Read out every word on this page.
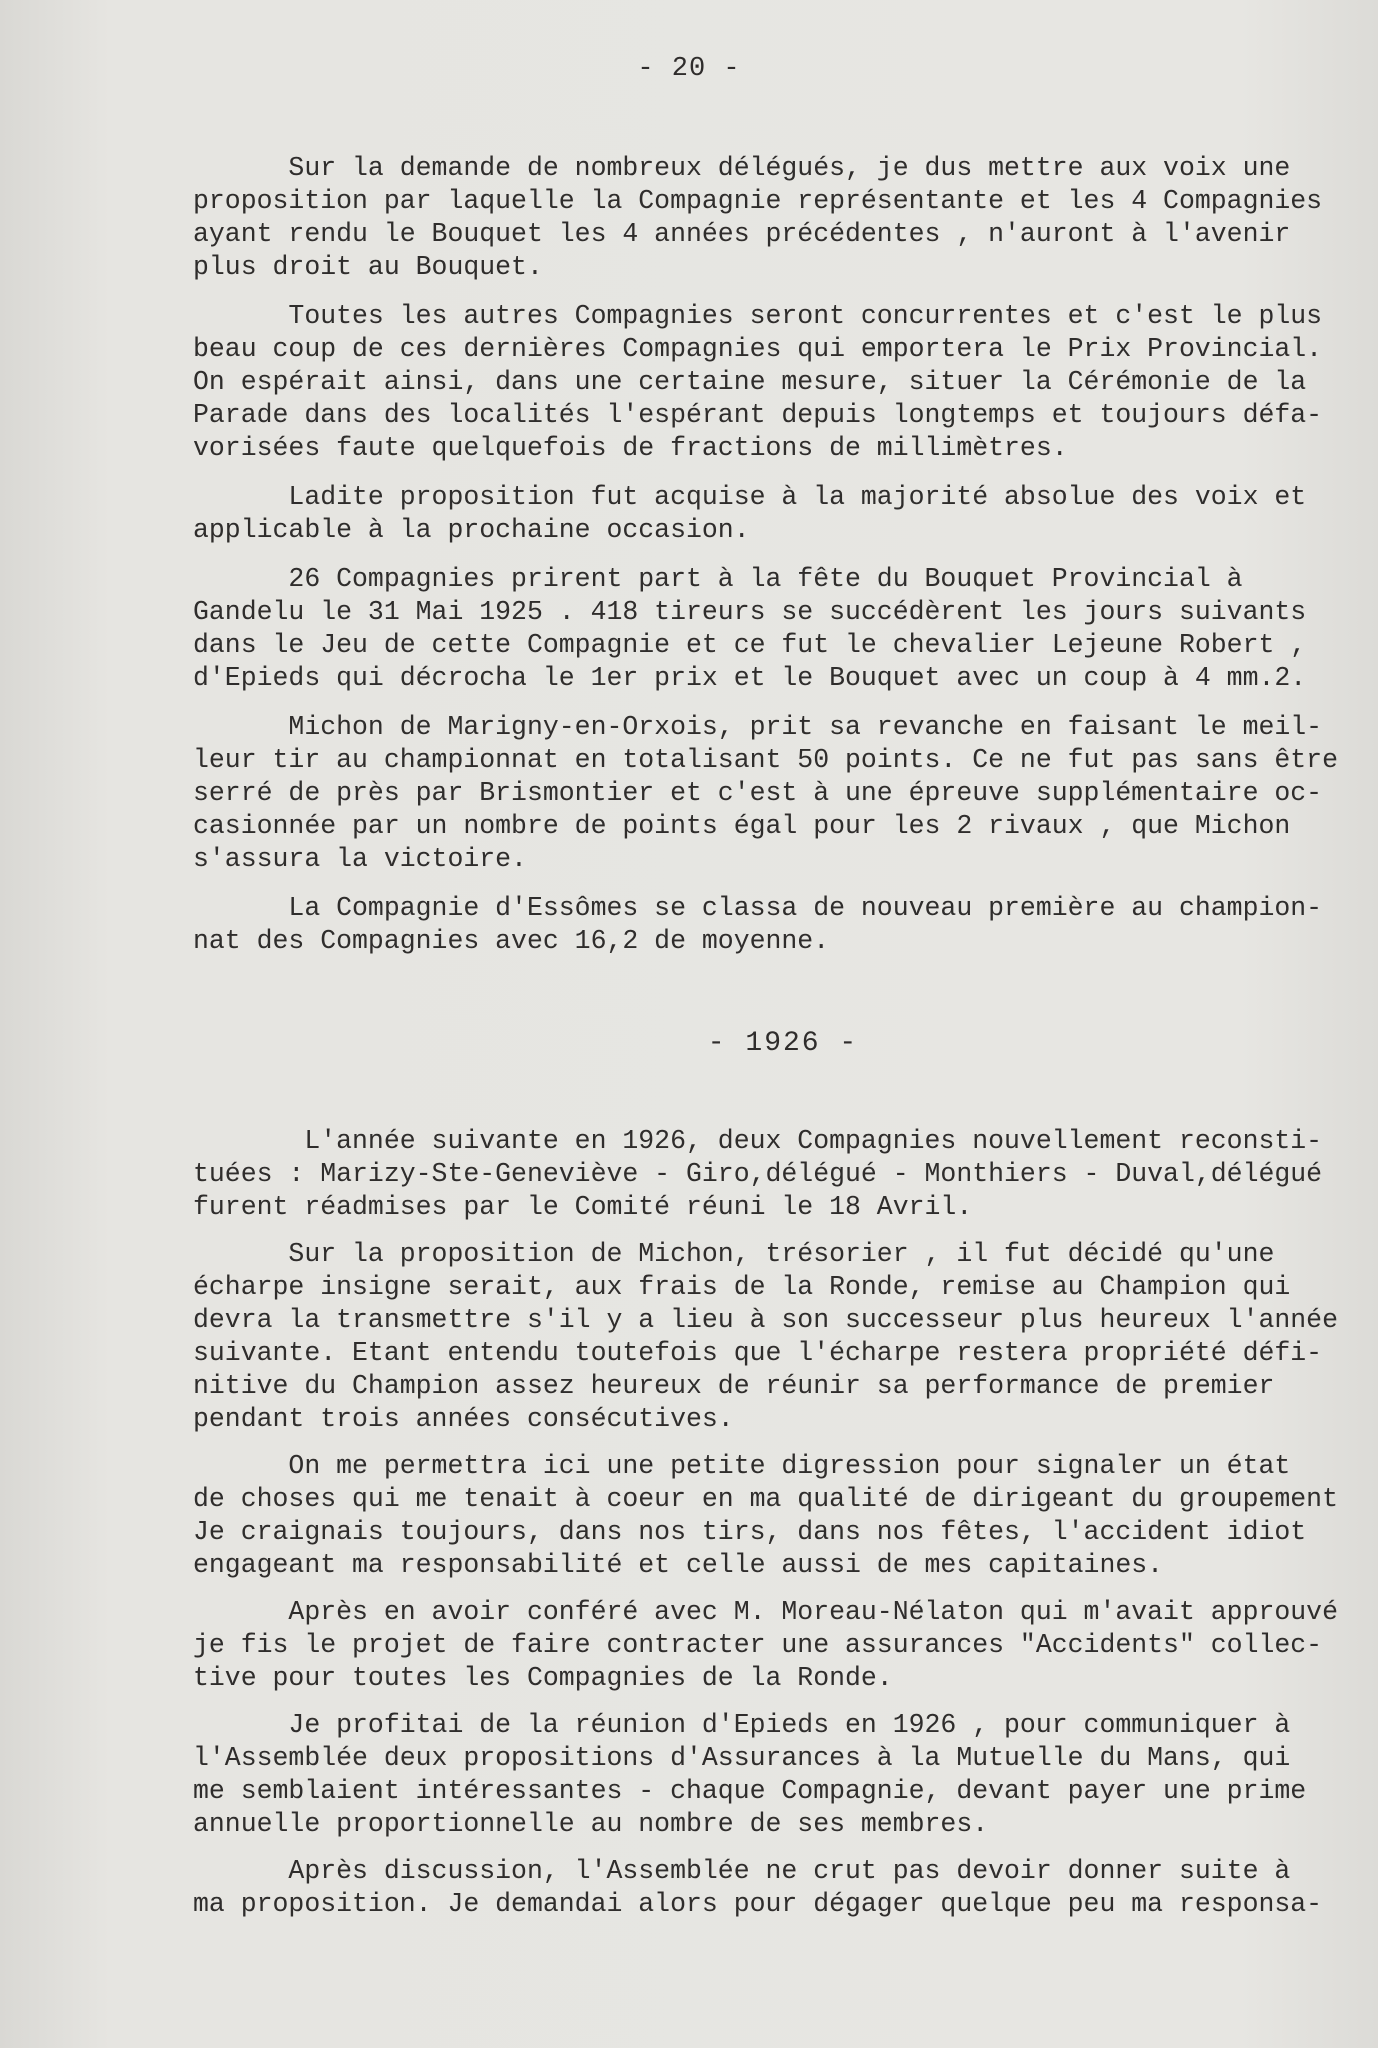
- 20 -
Sur la demande de nombreux délégués, je dus mettre aux voix une
proposition par laquelle la Compagnie représentante et les 4 Compagnies
ayant rendu le Bouquet les 4 années précédentes , n'auront à l'avenir
plus droit au Bouquet.
Toutes les autres Compagnies seront concurrentes et c'est le plus
beau coup de ces dernières Compagnies qui emportera le Prix Provincial.
On espérait ainsi, dans une certaine mesure, situer la Cérémonie de la
Parade dans des localités l'espérant depuis longtemps et toujours défa-
vorisées faute quelquefois de fractions de millimètres.
Ladite proposition fut acquise à la majorité absolue des voix et
applicable à la prochaine occasion.
26 Compagnies prirent part à la fête du Bouquet Provincial à
Gandelu le 31 Mai 1925 . 418 tireurs se succédèrent les jours suivants
dans le Jeu de cette Compagnie et ce fut le chevalier Lejeune Robert ,
d'Epieds qui décrocha le 1er prix et le Bouquet avec un coup à 4 mm.2.
Michon de Marigny-en-Orxois, prit sa revanche en faisant le meil-
leur tir au championnat en totalisant 50 points. Ce ne fut pas sans être
serré de près par Brismontier et c'est à une épreuve supplémentaire oc-
casionnée par un nombre de points égal pour les 2 rivaux , que Michon
s'assura la victoire.
La Compagnie d'Essômes se classa de nouveau première au champion-
nat des Compagnies avec 16,2 de moyenne.
- 1926 -
L'année suivante en 1926, deux Compagnies nouvellement reconsti-
tuées : Marizy-Ste-Geneviève - Giro,délégué - Monthiers - Duval,délégué
furent réadmises par le Comité réuni le 18 Avril.
Sur la proposition de Michon, trésorier , il fut décidé qu'une
écharpe insigne serait, aux frais de la Ronde, remise au Champion qui
devra la transmettre s'il y a lieu à son successeur plus heureux l'année
suivante. Etant entendu toutefois que l'écharpe restera propriété défi-
nitive du Champion assez heureux de réunir sa performance de premier
pendant trois années consécutives.
On me permettra ici une petite digression pour signaler un état
de choses qui me tenait à coeur en ma qualité de dirigeant du groupement
Je craignais toujours, dans nos tirs, dans nos fêtes, l'accident idiot
engageant ma responsabilité et celle aussi de mes capitaines.
Après en avoir conféré avec M. Moreau-Nélaton qui m'avait approuvé
je fis le projet de faire contracter une assurances "Accidents" collec-
tive pour toutes les Compagnies de la Ronde.
Je profitai de la réunion d'Epieds en 1926 , pour communiquer à
l'Assemblée deux propositions d'Assurances à la Mutuelle du Mans, qui
me semblaient intéressantes - chaque Compagnie, devant payer une prime
annuelle proportionnelle au nombre de ses membres.
Après discussion, l'Assemblée ne crut pas devoir donner suite à
ma proposition. Je demandai alors pour dégager quelque peu ma responsa-
